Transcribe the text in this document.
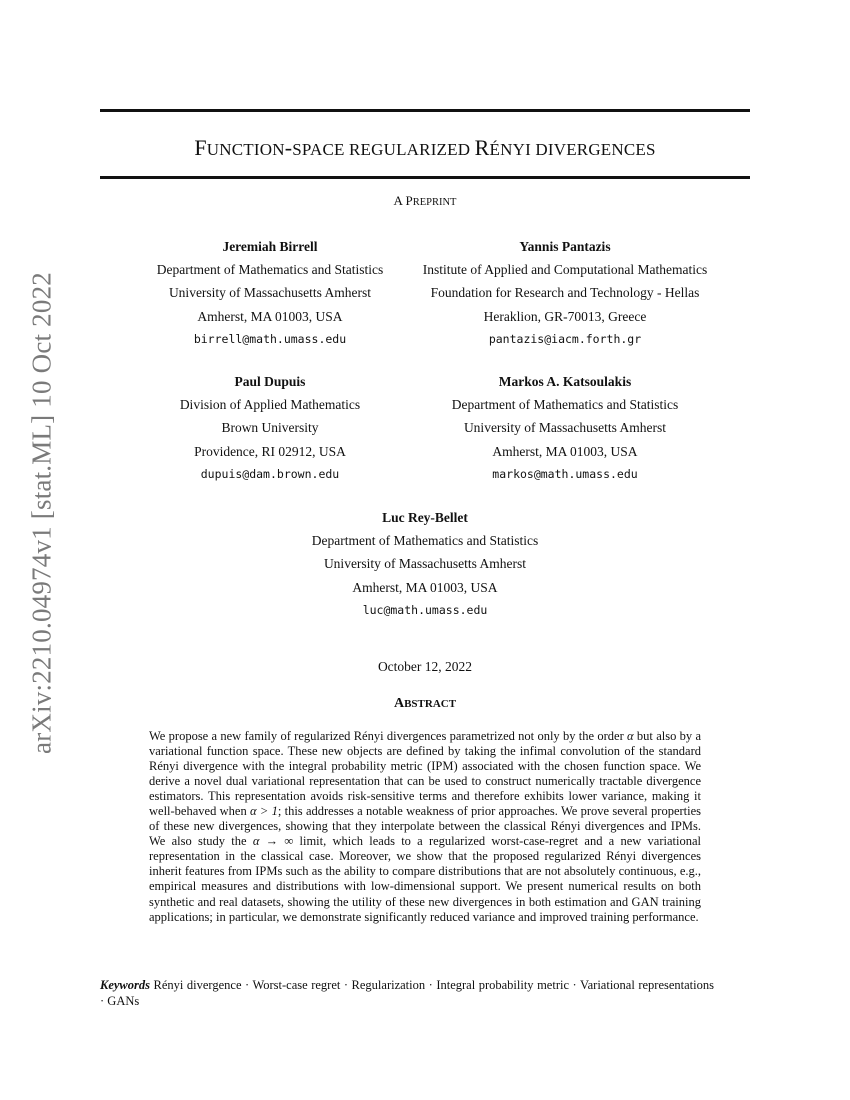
arXiv:2210.04974v1 [stat.ML] 10 Oct 2022
FUNCTION-SPACE REGULARIZED RÉNYI DIVERGENCES
A PREPRINT
Jeremiah Birrell
Department of Mathematics and Statistics
University of Massachusetts Amherst
Amherst, MA 01003, USA
birrell@math.umass.edu
Yannis Pantazis
Institute of Applied and Computational Mathematics
Foundation for Research and Technology - Hellas
Heraklion, GR-70013, Greece
pantazis@iacm.forth.gr
Paul Dupuis
Division of Applied Mathematics
Brown University
Providence, RI 02912, USA
dupuis@dam.brown.edu
Markos A. Katsoulakis
Department of Mathematics and Statistics
University of Massachusetts Amherst
Amherst, MA 01003, USA
markos@math.umass.edu
Luc Rey-Bellet
Department of Mathematics and Statistics
University of Massachusetts Amherst
Amherst, MA 01003, USA
luc@math.umass.edu
October 12, 2022
ABSTRACT
We propose a new family of regularized Rényi divergences parametrized not only by the order α but also by a variational function space. These new objects are defined by taking the infimal convolution of the standard Rényi divergence with the integral probability metric (IPM) associated with the chosen function space. We derive a novel dual variational representation that can be used to construct numerically tractable divergence estimators. This representation avoids risk-sensitive terms and therefore exhibits lower variance, making it well-behaved when α > 1; this addresses a notable weakness of prior approaches. We prove several properties of these new divergences, showing that they interpolate between the classical Rényi divergences and IPMs. We also study the α → ∞ limit, which leads to a regularized worst-case-regret and a new variational representation in the classical case. Moreover, we show that the proposed regularized Rényi divergences inherit features from IPMs such as the ability to compare distributions that are not absolutely continuous, e.g., empirical measures and distributions with low-dimensional support. We present numerical results on both synthetic and real datasets, showing the utility of these new divergences in both estimation and GAN training applications; in particular, we demonstrate significantly reduced variance and improved training performance.
Keywords Rényi divergence · Worst-case regret · Regularization · Integral probability metric · Variational representations · GANs
